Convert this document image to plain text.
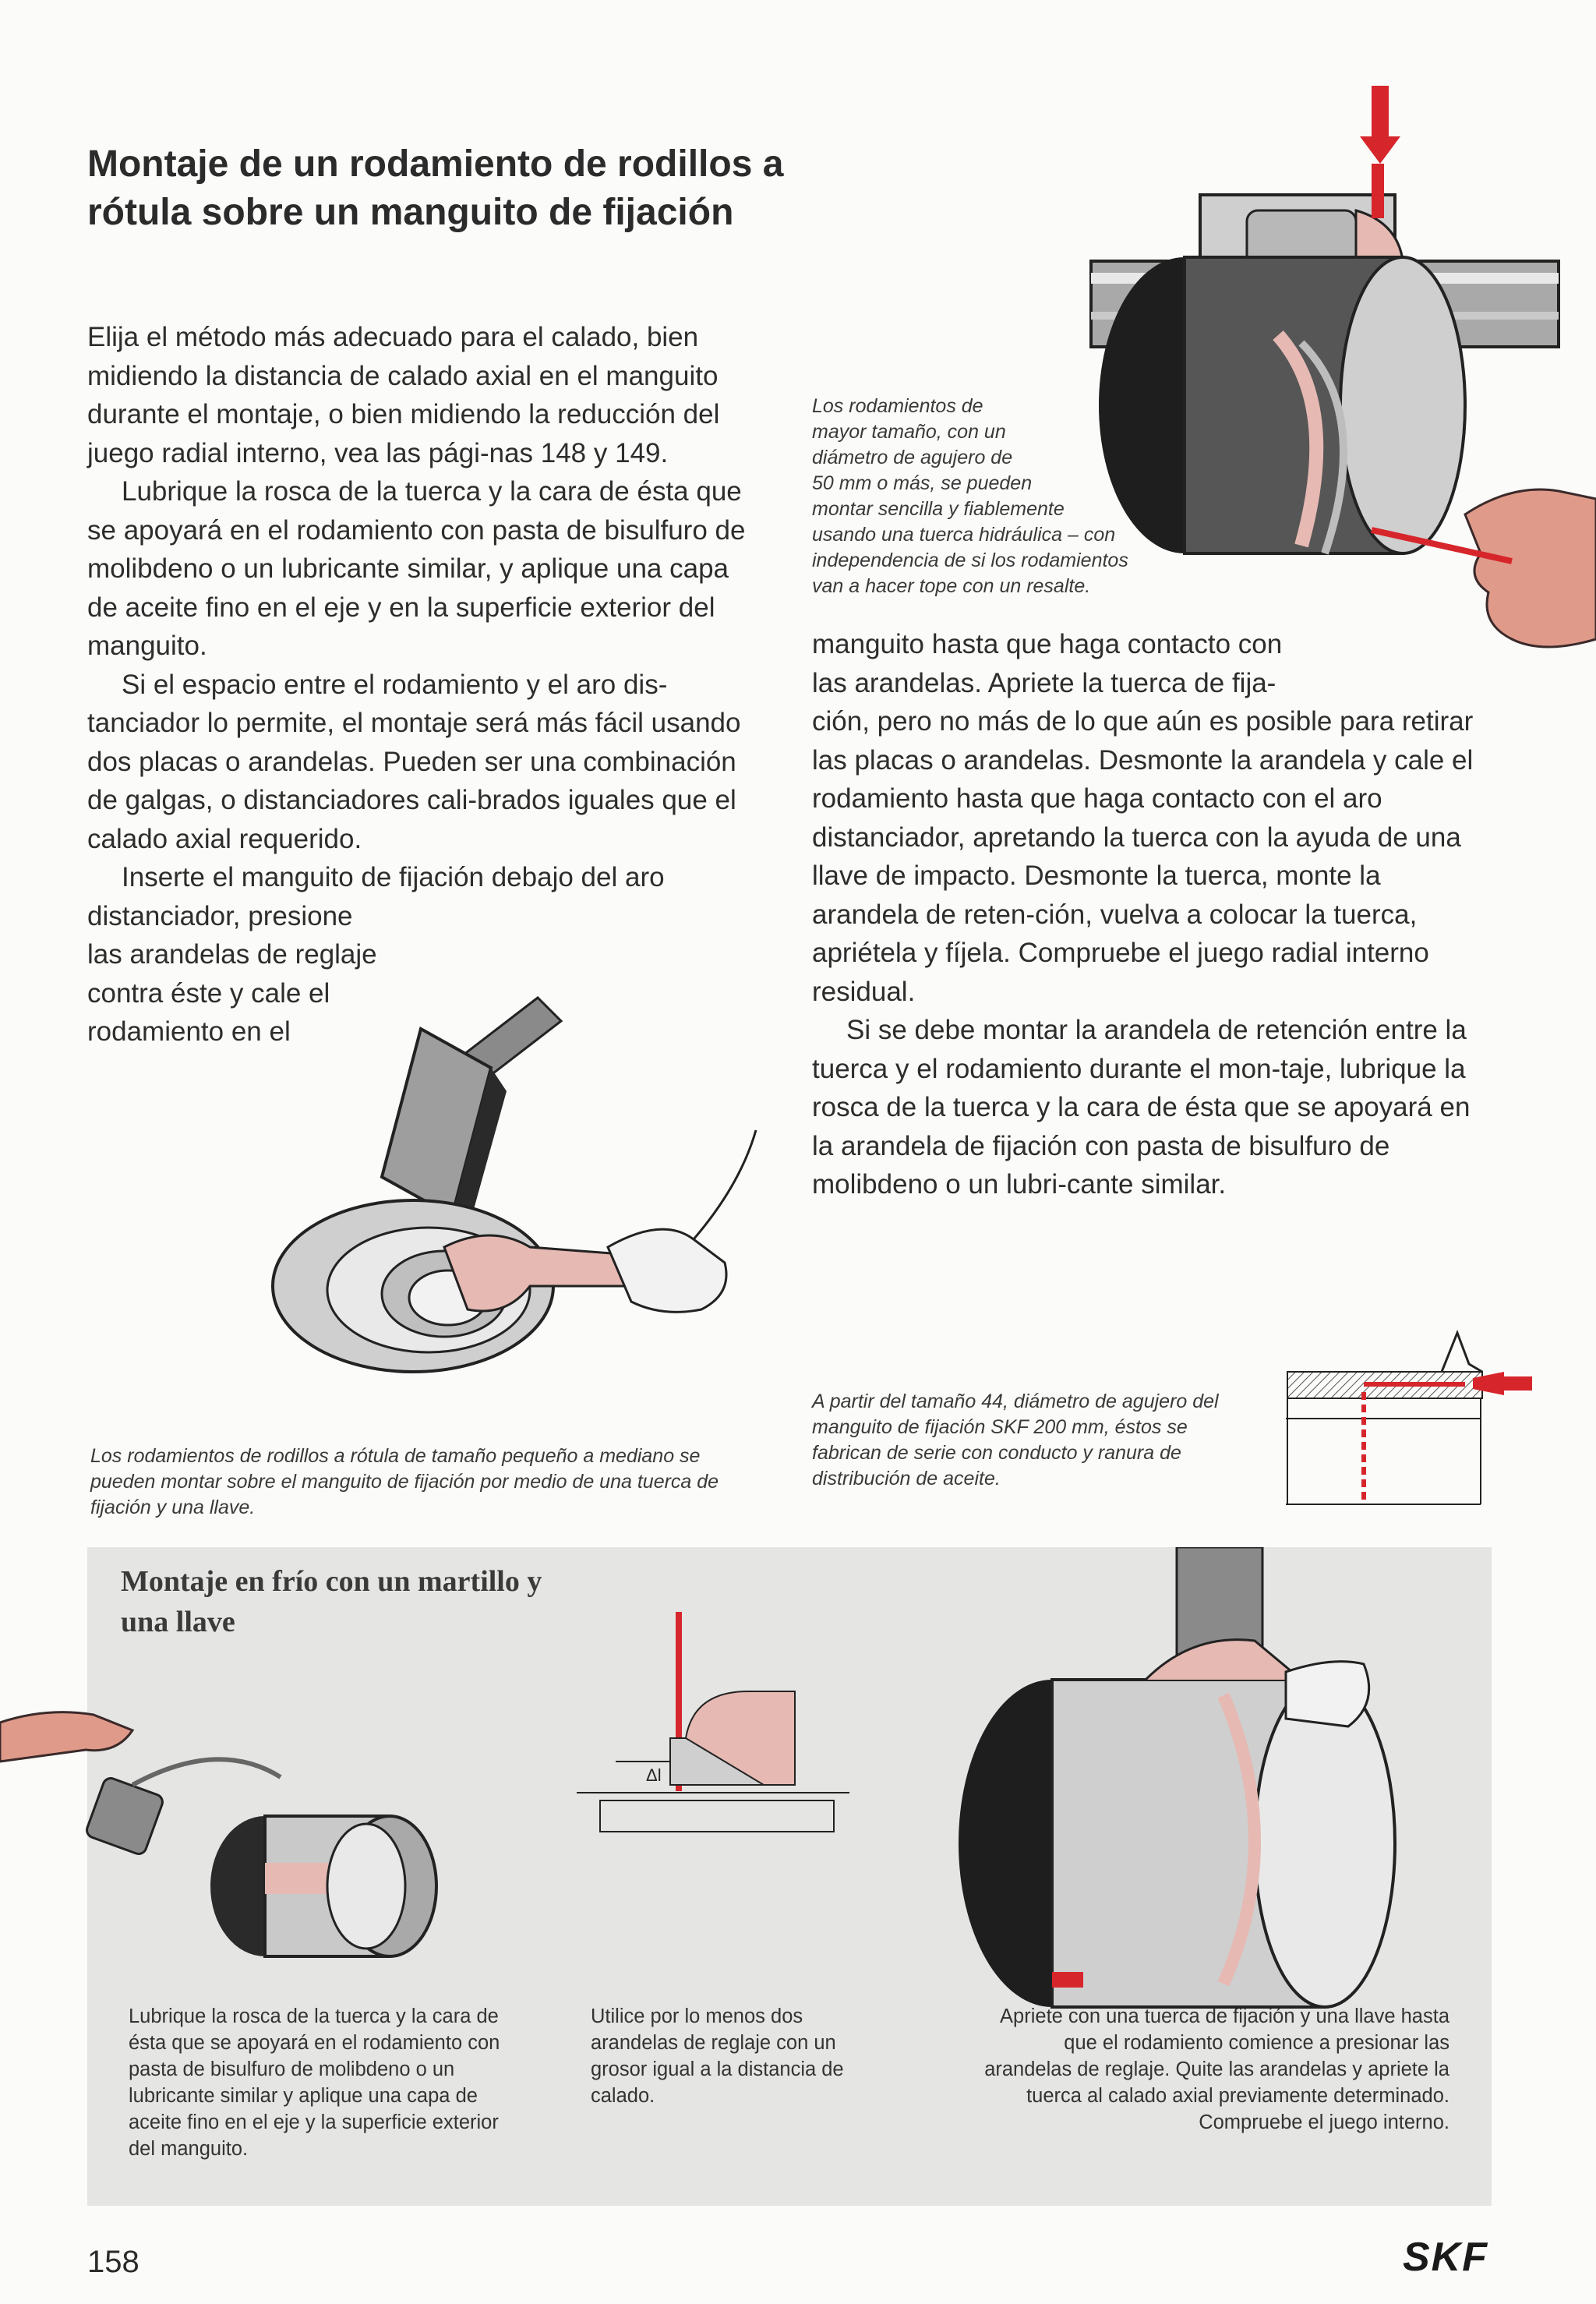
Montaje de un rodamiento de rodillos a rótula sobre un manguito de fijación

Elija el método más adecuado para el calado, bien midiendo la distancia de calado axial en el manguito durante el montaje, o bien midiendo la reducción del juego radial interno, vea las pági-nas 148 y 149.

Lubrique la rosca de la tuerca y la cara de ésta que se apoyará en el rodamiento con pasta de bisulfuro de molibdeno o un lubricante similar, y aplique una capa de aceite fino en el eje y en la superficie exterior del manguito.

Si el espacio entre el rodamiento y el aro dis-tanciador lo permite, el montaje será más fácil usando dos placas o arandelas. Pueden ser una combinación de galgas, o distanciadores cali-brados iguales que el calado axial requerido.

Inserte el manguito de fijación debajo del aro
distanciador, presione
las arandelas de reglaje
contra éste y cale el
rodamiento en el
Los rodamientos de
mayor tamaño, con un
diámetro de agujero de
50 mm o más, se pueden
montar sencilla y fiablemente
usando una tuerca hidráulica – con
independencia de si los rodamientos
van a hacer tope con un resalte.
manguito hasta que haga contacto con
las arandelas. Apriete la tuerca de fija-

ción, pero no más de lo que aún es posible para retirar las placas o arandelas. Desmonte la arandela y cale el rodamiento hasta que haga contacto con el aro distanciador, apretando la tuerca con la ayuda de una llave de impacto. Desmonte la tuerca, monte la arandela de reten-ción, vuelva a colocar la tuerca, apriétela y fíjela. Compruebe el juego radial interno residual.

Si se debe montar la arandela de retención entre la tuerca y el rodamiento durante el mon-taje, lubrique la rosca de la tuerca y la cara de ésta que se apoyará en la arandela de fijación con pasta de bisulfuro de molibdeno o un lubri-cante similar.

Los rodamientos de rodillos a rótula de tamaño pequeño a mediano se pueden montar sobre el manguito de fijación por medio de una tuerca de fijación y una llave.
A partir del tamaño 44, diámetro de agujero del manguito de fijación SKF 200 mm, éstos se fabrican de serie con conducto y ranura de distribución de aceite.
Montaje en frío con un martillo y una llave
Δl
Lubrique la rosca de la tuerca y la cara de ésta que se apoyará en el rodamiento con pasta de bisulfuro de molibdeno o un lubricante similar y aplique una capa de aceite fino en el eje y la superficie exterior del manguito.
Utilice por lo menos dos arandelas de reglaje con un grosor igual a la distancia de calado.
Apriete con una tuerca de fijación y una llave hasta que el rodamiento comience a presionar las arandelas de reglaje. Quite las arandelas y apriete la tuerca al calado axial previamente determinado. Compruebe el juego interno.
158	SKF
